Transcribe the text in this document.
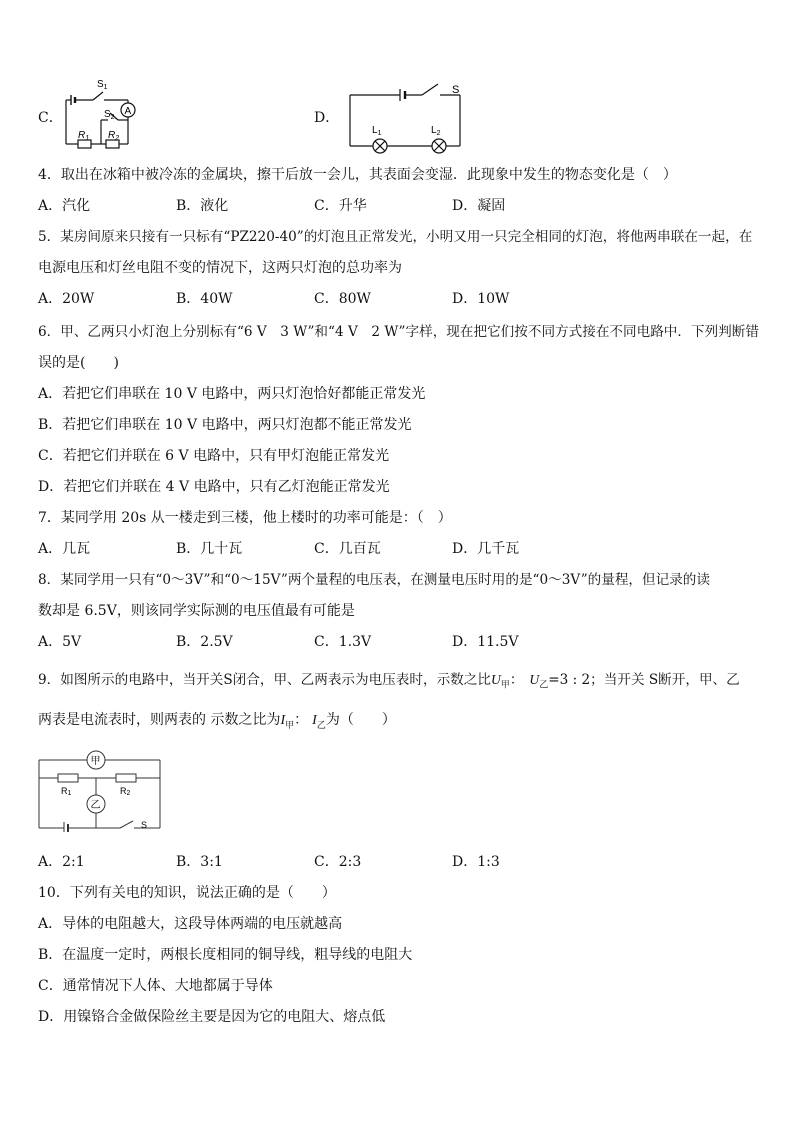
C．
$S_1$
$S_2$
A
$R_1$ $R_2$
D．
S
$L_1$	$L_2$
4．取出在冰箱中被冷冻的金属块，擦干后放一会儿，其表面会变湿．此现象中发生的物态变化是（　）
A．汽化	B．液化	C．升华	D．凝固
5．某房间原来只接有一只标有“PZ220-40”的灯泡且正常发光，小明又用一只完全相同的灯泡，将他两串联在一起，在
电源电压和灯丝电阻不变的情况下，这两只灯泡的总功率为
A．20W	B．40W	C．80W	D．10W
6．甲、乙两只小灯泡上分别标有“6 V　3 W”和“4 V　2 W”字样，现在把它们按不同方式接在不同电路中．下列判断错
误的是(　　)
A．若把它们串联在 10 V 电路中，两只灯泡恰好都能正常发光
B．若把它们串联在 10 V 电路中，两只灯泡都不能正常发光
C．若把它们并联在 6 V 电路中，只有甲灯泡能正常发光
D．若把它们并联在 4 V 电路中，只有乙灯泡能正常发光
7．某同学用 20s 从一楼走到三楼，他上楼时的功率可能是：（　）
A．几瓦	B．几十瓦	C．几百瓦	D．几千瓦
8．某同学用一只有“0～3V”和“0～15V”两个量程的电压表，在测量电压时用的是“0～3V”的量程，但记录的读
数却是 6.5V，则该同学实际测的电压值最有可能是
A．5V	B．2.5V	C．1.3V	D．11.5V
9．如图所示的电路中，当开关S闭合，甲、乙两表示为电压表时，示数之比$U_甲$： $U_乙=3$ : 2；当开关 S断开，甲、乙
两表是电流表时，则两表的 示数之比为$I_甲$： $I_乙$为（　　）
甲
乙
R1	R2
S
A．2:1	B．3:1	C．2:3	D．1:3
10．下列有关电的知识，说法正确的是（　　）
A．导体的电阻越大，这段导体两端的电压就越高
B．在温度一定时，两根长度相同的铜导线，粗导线的电阻大
C．通常情况下人体、大地都属于导体
D．用镍铬合金做保险丝主要是因为它的电阻大、熔点低
